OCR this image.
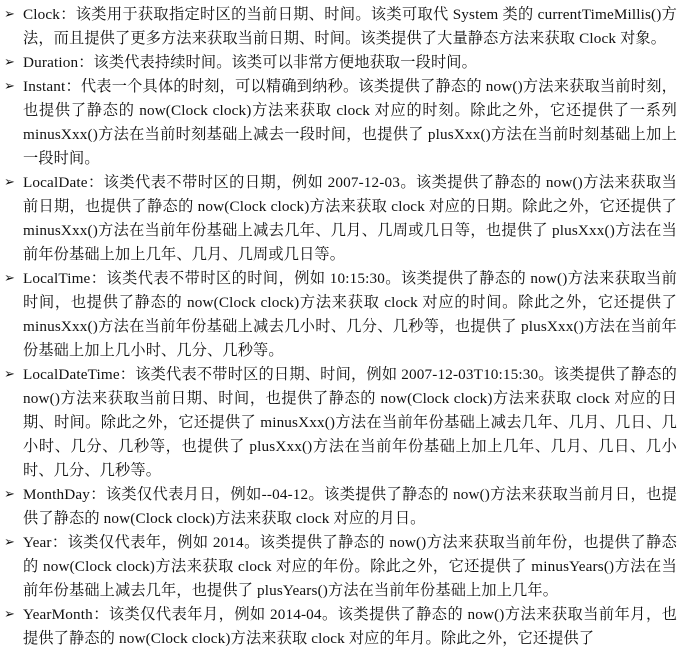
➢ Clock：该类用于获取指定时区的当前日期、时间。该类可取代 System 类的 currentTimeMillis()方法，而且提供了更多方法来获取当前日期、时间。该类提供了大量静态方法来获取 Clock 对象。

➢ Duration：该类代表持续时间。该类可以非常方便地获取一段时间。

➢ Instant：代表一个具体的时刻，可以精确到纳秒。该类提供了静态的 now()方法来获取当前时刻，也提供了静态的 now(Clock clock)方法来获取 clock 对应的时刻。除此之外，它还提供了一系列 minusXxx()方法在当前时刻基础上减去一段时间，也提供了 plusXxx()方法在当前时刻基础上加上一段时间。

➢ LocalDate：该类代表不带时区的日期，例如 2007-12-03。该类提供了静态的 now()方法来获取当前日期，也提供了静态的 now(Clock clock)方法来获取 clock 对应的日期。除此之外，它还提供了 minusXxx()方法在当前年份基础上减去几年、几月、几周或几日等，也提供了 plusXxx()方法在当前年份基础上加上几年、几月、几周或几日等。

➢ LocalTime：该类代表不带时区的时间，例如 10:15:30。该类提供了静态的 now()方法来获取当前时间，也提供了静态的 now(Clock clock)方法来获取 clock 对应的时间。除此之外，它还提供了 minusXxx()方法在当前年份基础上减去几小时、几分、几秒等，也提供了 plusXxx()方法在当前年份基础上加上几小时、几分、几秒等。

➢ LocalDateTime：该类代表不带时区的日期、时间，例如 2007-12-03T10:15:30。该类提供了静态的 now()方法来获取当前日期、时间，也提供了静态的 now(Clock clock)方法来获取 clock 对应的日期、时间。除此之外，它还提供了 minusXxx()方法在当前年份基础上减去几年、几月、几日、几小时、几分、几秒等，也提供了 plusXxx()方法在当前年份基础上加上几年、几月、几日、几小时、几分、几秒等。

➢ MonthDay：该类仅代表月日，例如--04-12。该类提供了静态的 now()方法来获取当前月日，也提供了静态的 now(Clock clock)方法来获取 clock 对应的月日。

➢ Year：该类仅代表年，例如 2014。该类提供了静态的 now()方法来获取当前年份，也提供了静态的 now(Clock clock)方法来获取 clock 对应的年份。除此之外，它还提供了 minusYears()方法在当前年份基础上减去几年，也提供了 plusYears()方法在当前年份基础上加上几年。

➢ YearMonth：该类仅代表年月，例如 2014-04。该类提供了静态的 now()方法来获取当前年月，也提供了静态的 now(Clock clock)方法来获取 clock 对应的年月。除此之外，它还提供了
